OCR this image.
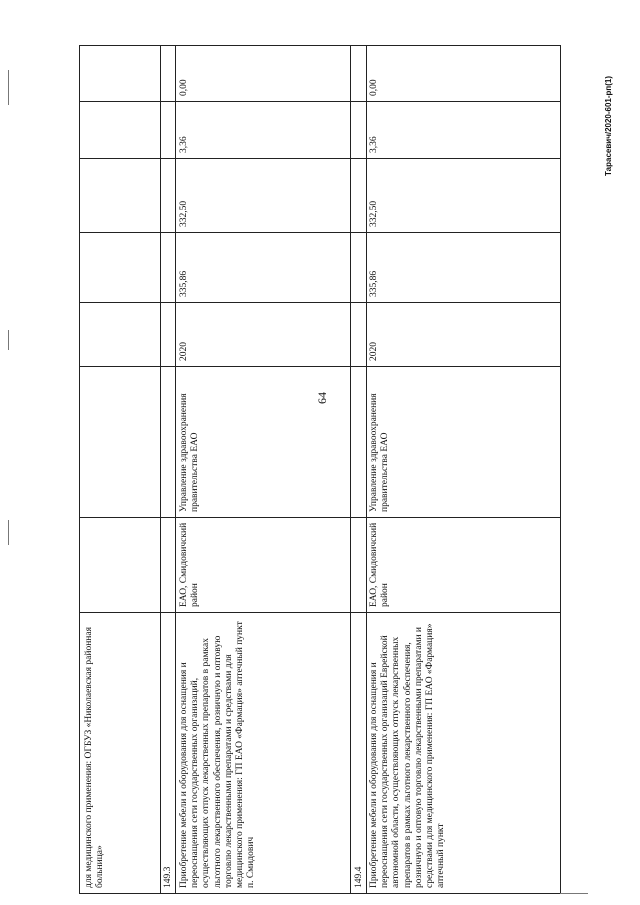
64
Тарасевич/2020-601-рп(1)
для медицинского применения: ОГБУЗ «Николаевская районная больница»	149.3 Приобретение мебели и оборудования для оснащения и переоснащения сети государственных организаций, осуществляющих отпуск лекарственных препаратов в рамках льготного лекарственного обеспечения, розничную и оптовую торговлю лекарственными препаратами и средствами для медицинского применения: ГП ЕАО «Фармация» аптечный пункт п. Смидович
ЕАО, Смидовичский район
Управление здравоохранения правительства ЕАО
2020
335,86
332,50
3,36
0,00
149.4 Приобретение мебели и оборудования для оснащения и переоснащения сети государственных организаций Еврейской автономной области, осуществляющих отпуск лекарственных препаратов в рамках льготного лекарственного обеспечения, розничную и оптовую торговлю лекарственными препаратами и средствами для медицинского применения: ГП ЕАО «Фармация» аптечный пункт
ЕАО, Смидовичский район
Управление здравоохранения правительства ЕАО
2020
335,86
332,50
3,36
0,00
